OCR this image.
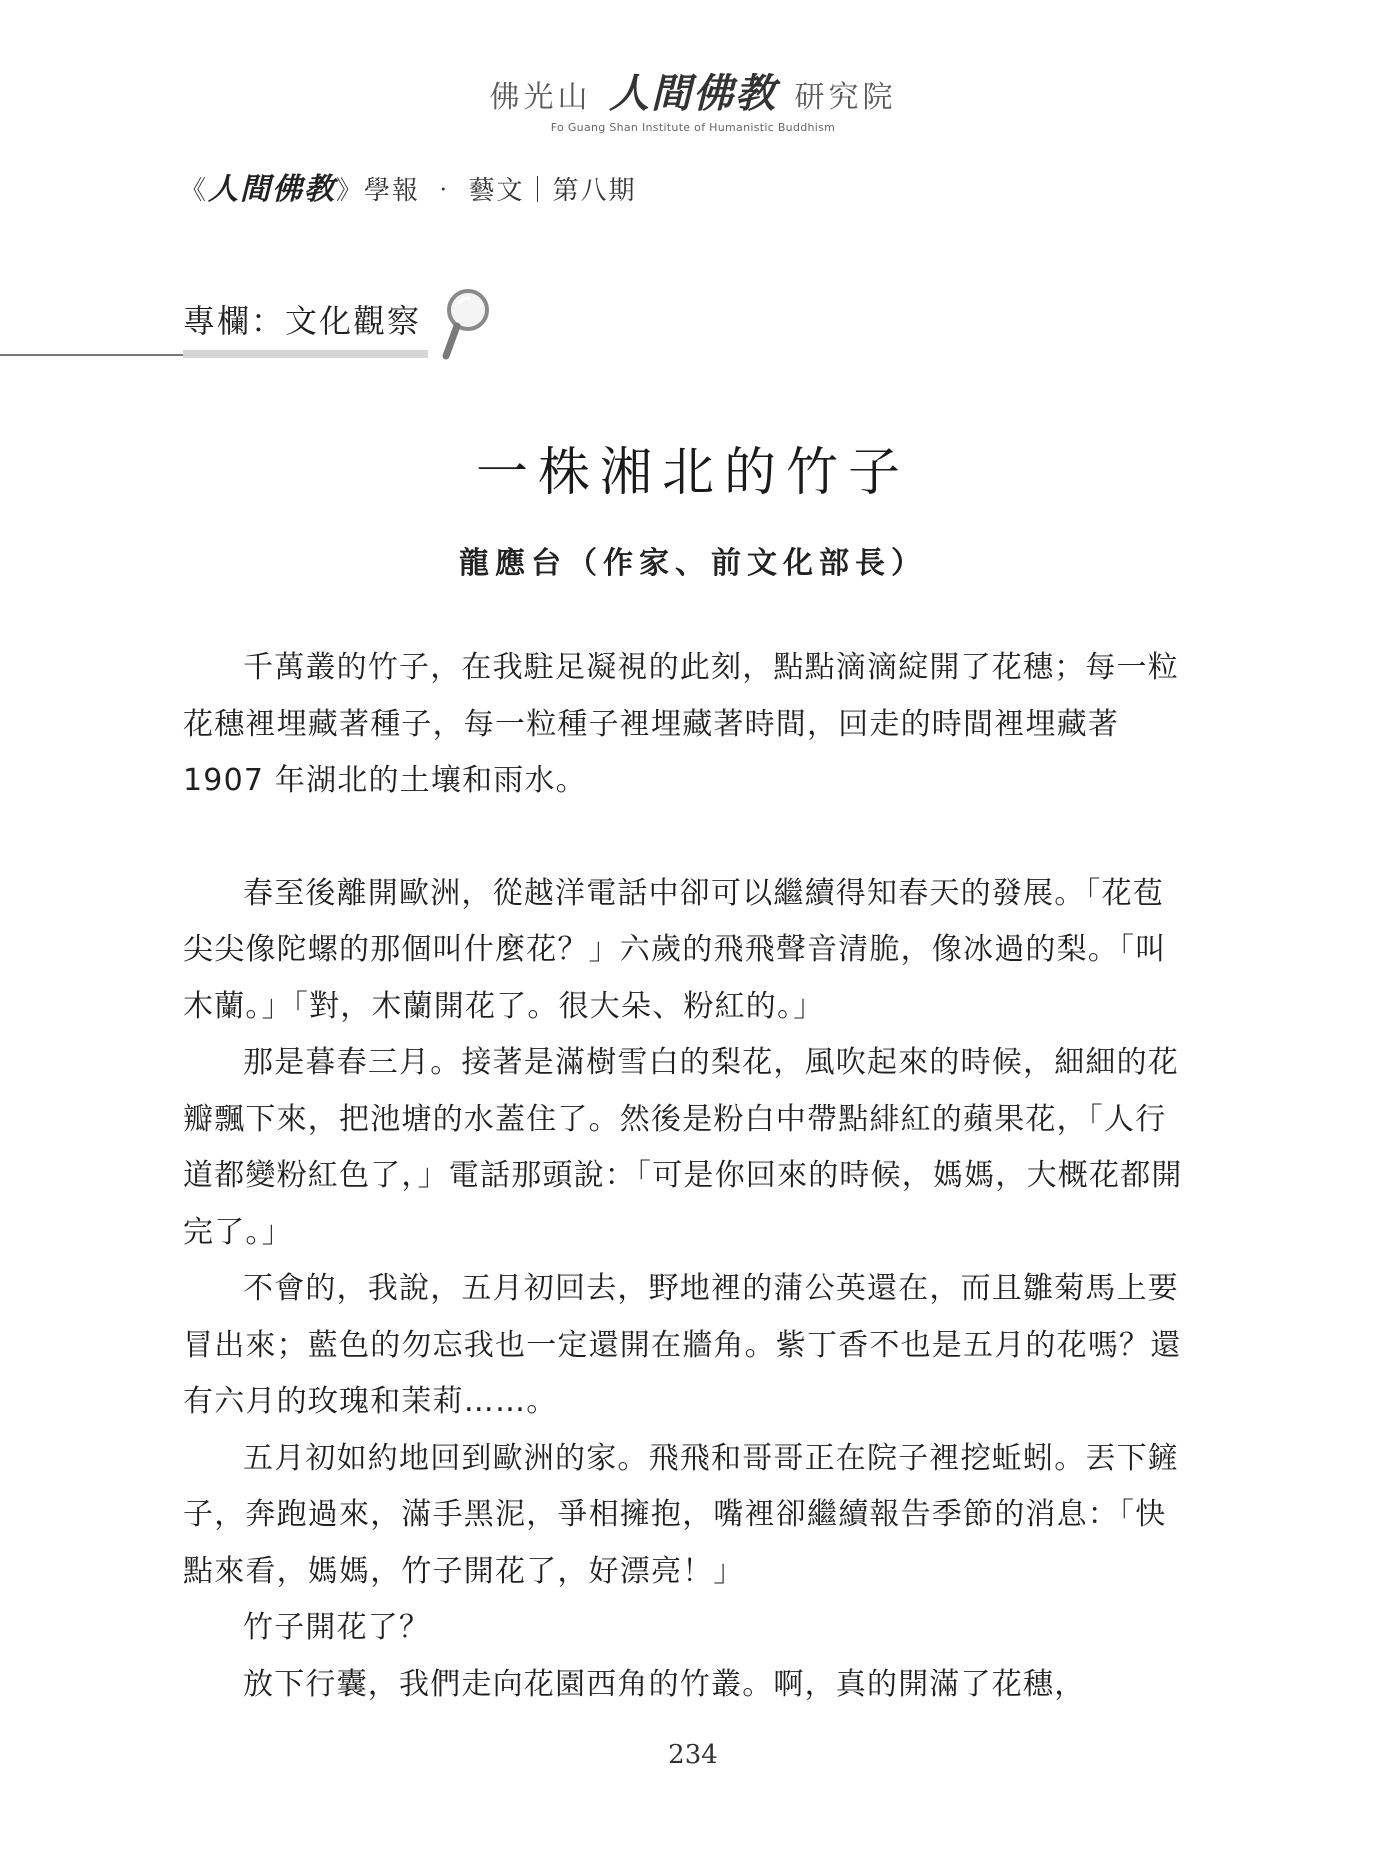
佛光山 人間佛教 研究院
Fo Guang Shan Institute of Humanistic Buddhism
《人間佛教》學報 ‧ 藝文｜第八期
專欄：文化觀察
一株湘北的竹子
龍應台（作家、前文化部長）

千萬叢的竹子，在我駐足凝視的此刻，點點滴滴綻開了花穗；每一粒花穗裡埋藏著種子，每一粒種子裡埋藏著時間，回走的時間裡埋藏著 1907 年湖北的土壤和雨水。

春至後離開歐洲，從越洋電話中卻可以繼續得知春天的發展。「花苞尖尖像陀螺的那個叫什麼花？」六歲的飛飛聲音清脆，像冰過的梨。「叫木蘭。」「對，木蘭開花了。很大朵、粉紅的。」

那是暮春三月。接著是滿樹雪白的梨花，風吹起來的時候，細細的花瓣飄下來，把池塘的水蓋住了。然後是粉白中帶點緋紅的蘋果花，「人行道都變粉紅色了，」電話那頭說：「可是你回來的時候，媽媽，大概花都開完了。」

不會的，我說，五月初回去，野地裡的蒲公英還在，而且雛菊馬上要冒出來；藍色的勿忘我也一定還開在牆角。紫丁香不也是五月的花嗎？還有六月的玫瑰和茉莉……。

五月初如約地回到歐洲的家。飛飛和哥哥正在院子裡挖蚯蚓。丟下鏟子，奔跑過來，滿手黑泥，爭相擁抱，嘴裡卻繼續報告季節的消息：「快點來看，媽媽，竹子開花了，好漂亮！」

竹子開花了？

放下行囊，我們走向花園西角的竹叢。啊，真的開滿了花穗，

234
